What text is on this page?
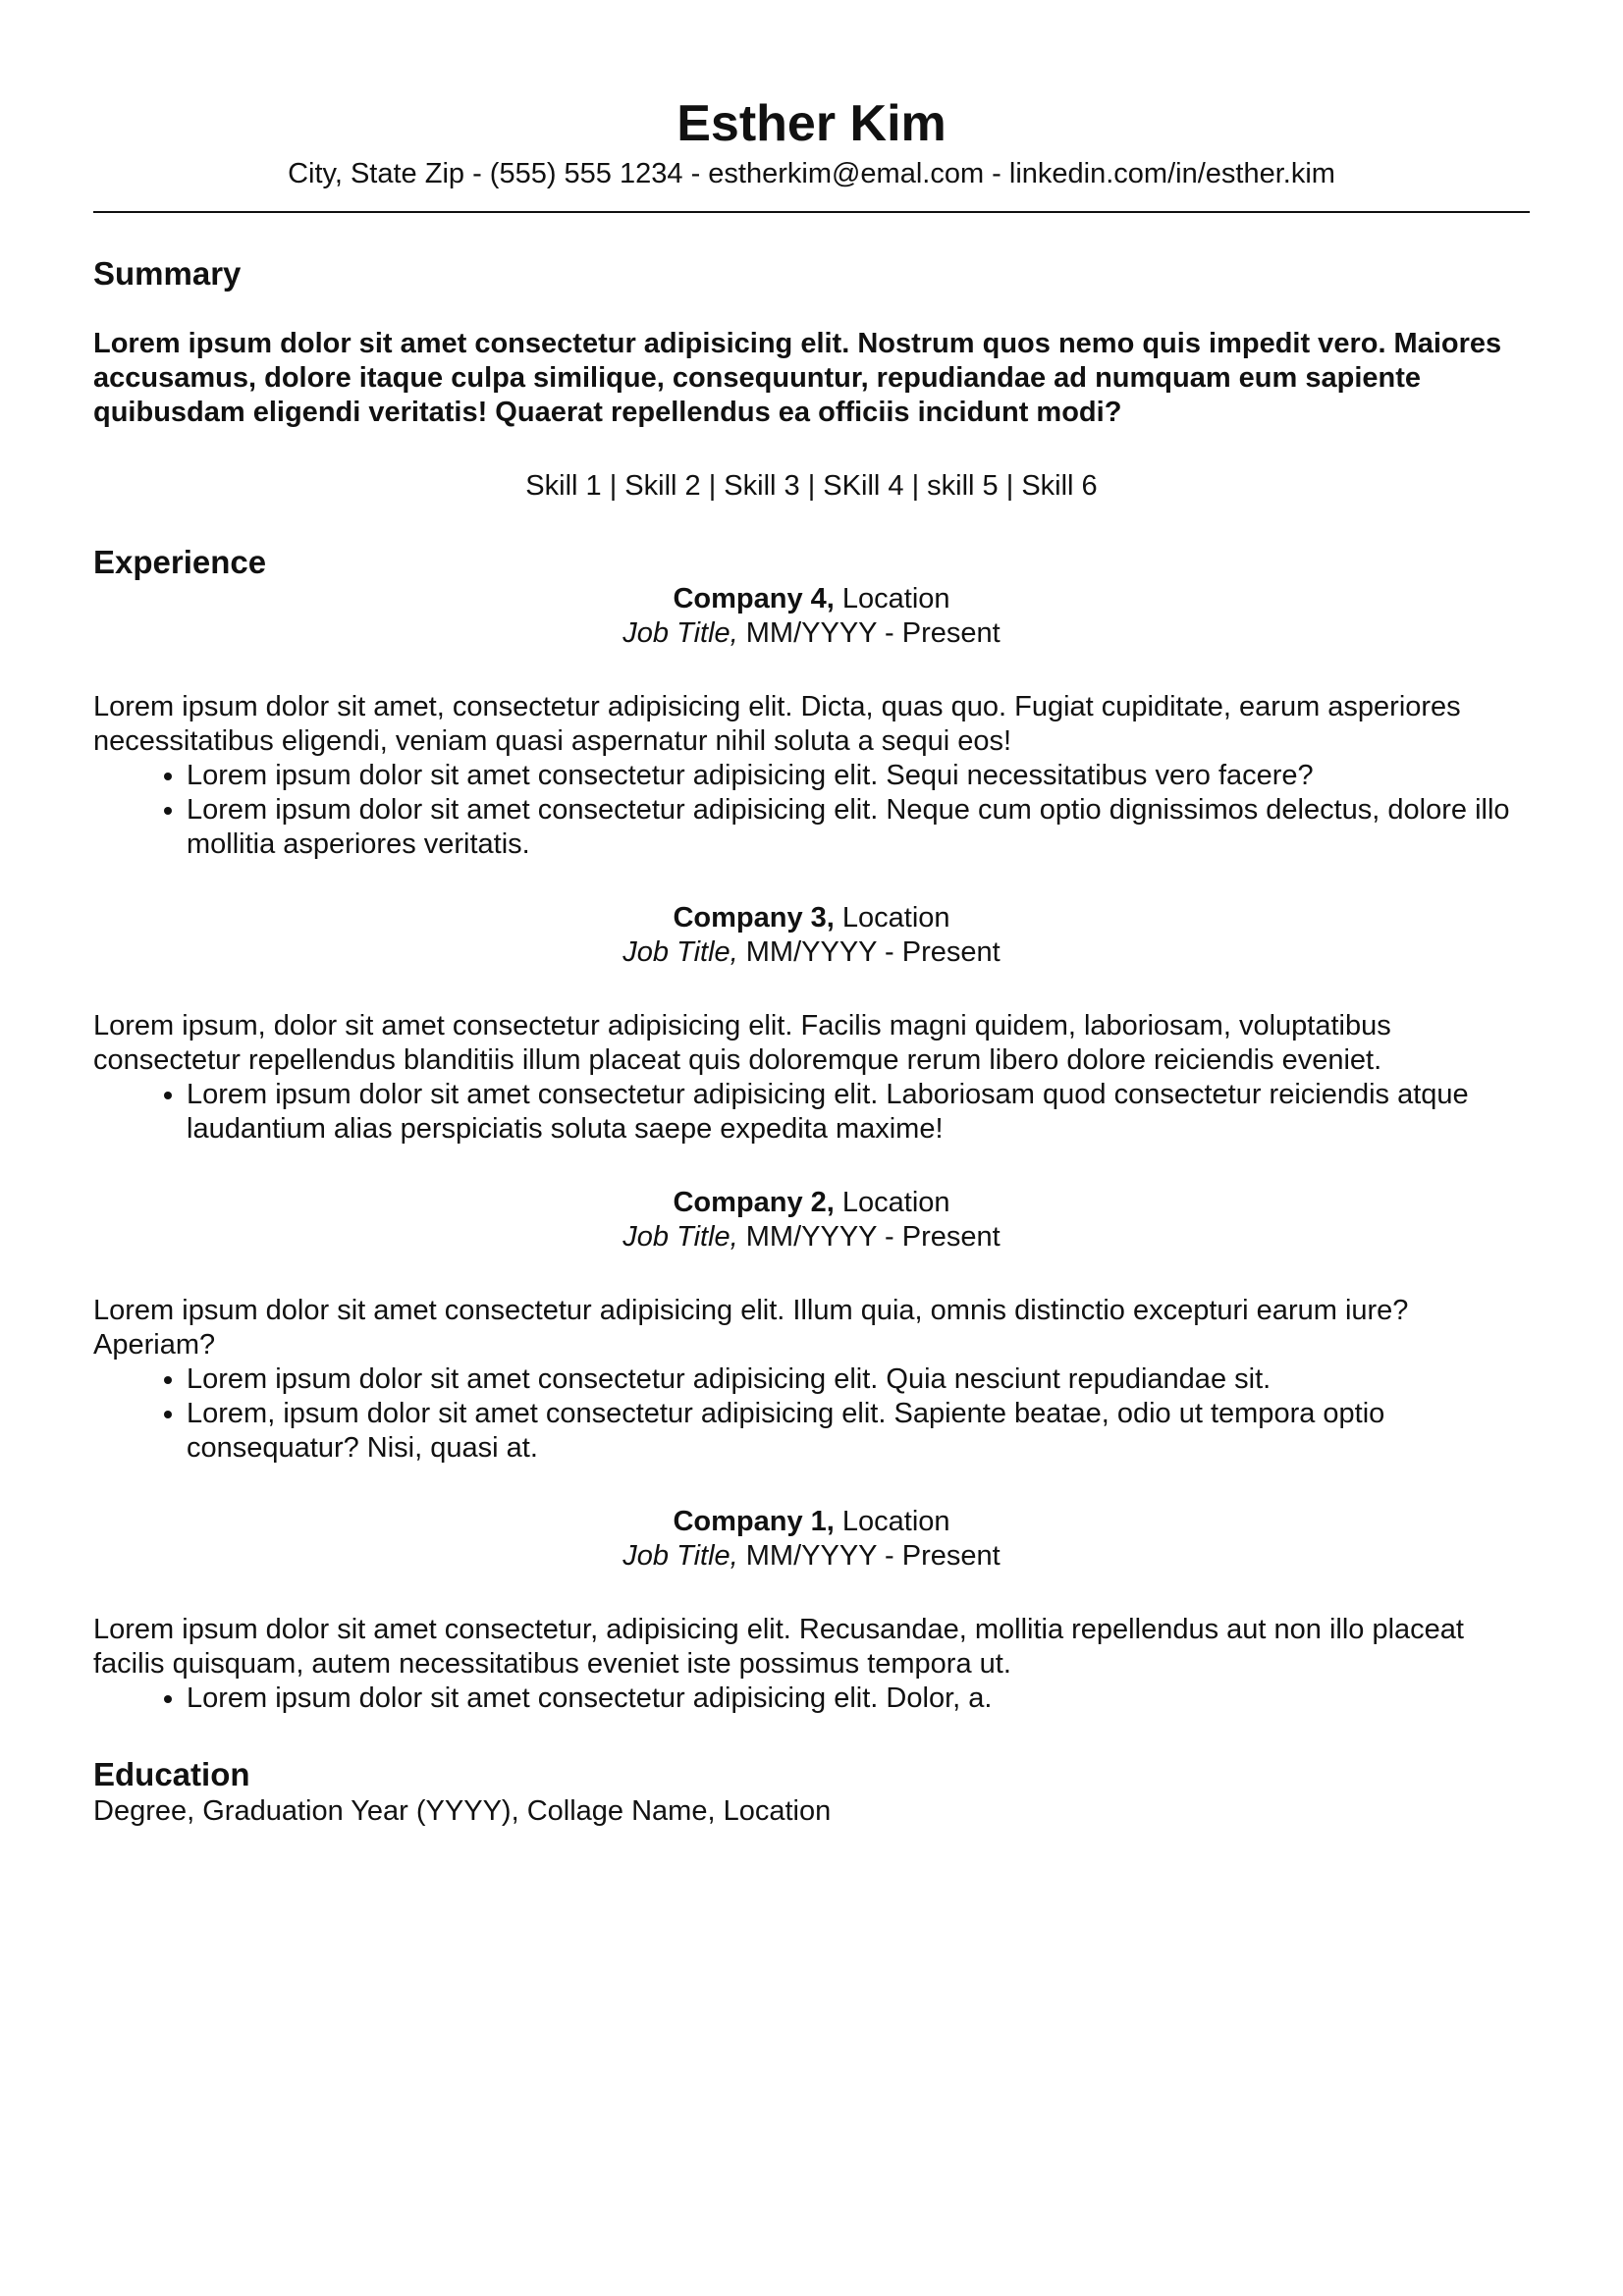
Esther Kim
City, State Zip - (555) 555 1234 - estherkim@emal.com - linkedin.com/in/esther.kim
Summary
Lorem ipsum dolor sit amet consectetur adipisicing elit. Nostrum quos nemo quis impedit vero. Maiores accusamus, dolore itaque culpa similique, consequuntur, repudiandae ad numquam eum sapiente quibusdam eligendi veritatis! Quaerat repellendus ea officiis incidunt modi?
Skill 1 | Skill 2 | Skill 3 | SKill 4 | skill 5 | Skill 6
Experience
Company 4, Location
Job Title, MM/YYYY - Present
Lorem ipsum dolor sit amet, consectetur adipisicing elit. Dicta, quas quo. Fugiat cupiditate, earum asperiores necessitatibus eligendi, veniam quasi aspernatur nihil soluta a sequi eos!
• Lorem ipsum dolor sit amet consectetur adipisicing elit. Sequi necessitatibus vero facere?
• Lorem ipsum dolor sit amet consectetur adipisicing elit. Neque cum optio dignissimos delectus, dolore illo mollitia asperiores veritatis.
Company 3, Location
Job Title, MM/YYYY - Present
Lorem ipsum, dolor sit amet consectetur adipisicing elit. Facilis magni quidem, laboriosam, voluptatibus consectetur repellendus blanditiis illum placeat quis doloremque rerum libero dolore reiciendis eveniet.
• Lorem ipsum dolor sit amet consectetur adipisicing elit. Laboriosam quod consectetur reiciendis atque laudantium alias perspiciatis soluta saepe expedita maxime!
Company 2, Location
Job Title, MM/YYYY - Present
Lorem ipsum dolor sit amet consectetur adipisicing elit. Illum quia, omnis distinctio excepturi earum iure? Aperiam?
• Lorem ipsum dolor sit amet consectetur adipisicing elit. Quia nesciunt repudiandae sit.
• Lorem, ipsum dolor sit amet consectetur adipisicing elit. Sapiente beatae, odio ut tempora optio consequatur? Nisi, quasi at.
Company 1, Location
Job Title, MM/YYYY - Present
Lorem ipsum dolor sit amet consectetur, adipisicing elit. Recusandae, mollitia repellendus aut non illo placeat facilis quisquam, autem necessitatibus eveniet iste possimus tempora ut.
• Lorem ipsum dolor sit amet consectetur adipisicing elit. Dolor, a.
Education
Degree, Graduation Year (YYYY), Collage Name, Location
